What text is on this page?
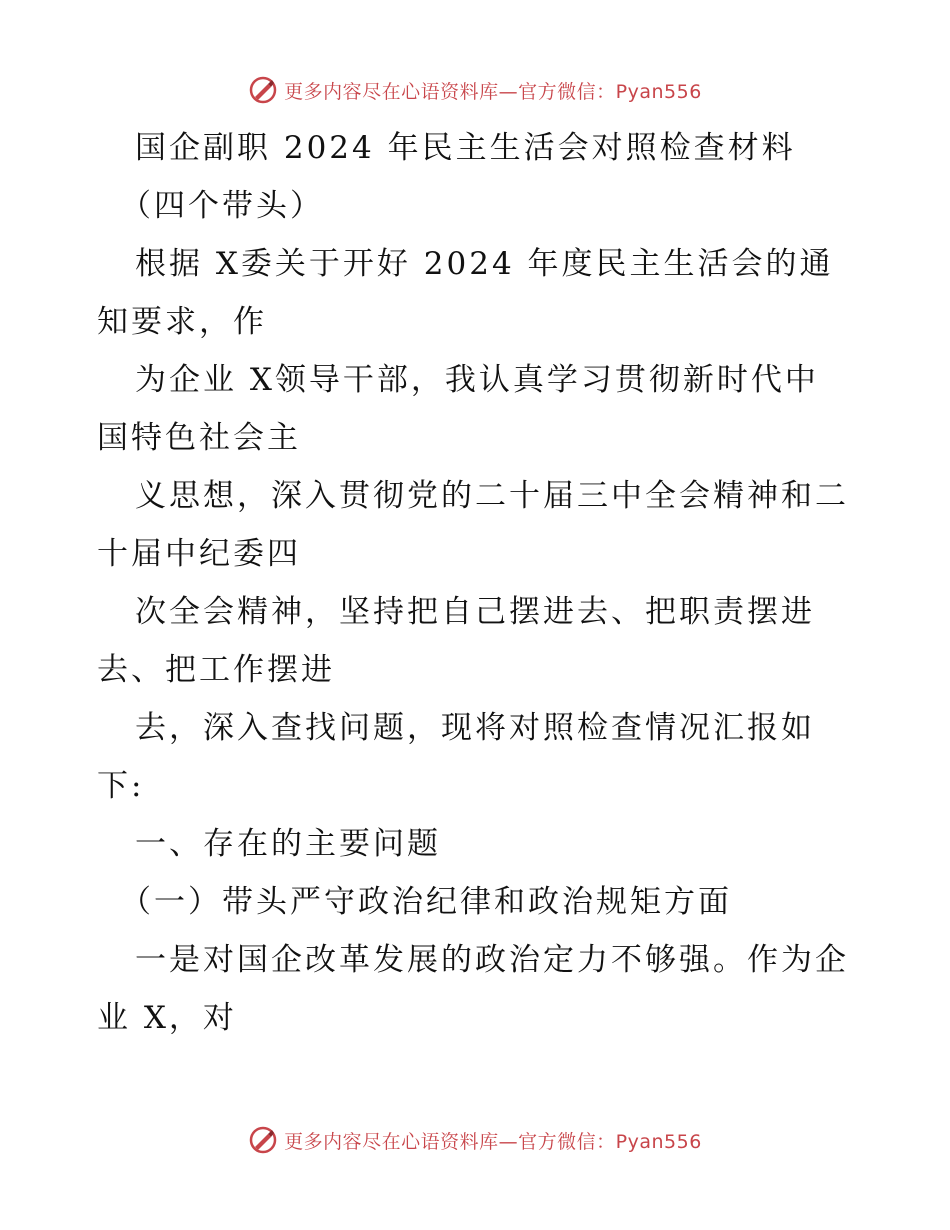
更多内容尽在心语资料库—官方微信：Pyan556
国企副职 2024 年民主生活会对照检查材料
（四个带头）
根据 X委关于开好 2024 年度民主生活会的通
知要求，作
为企业 X领导干部，我认真学习贯彻新时代中
国特色社会主
义思想，深入贯彻党的二十届三中全会精神和二
十届中纪委四
次全会精神，坚持把自己摆进去、把职责摆进
去、把工作摆进
去，深入查找问题，现将对照检查情况汇报如
下:
一、存在的主要问题
（一）带头严守政治纪律和政治规矩方面
一是对国企改革发展的政治定力不够强。作为企
业 X，对
更多内容尽在心语资料库—官方微信：Pyan556
